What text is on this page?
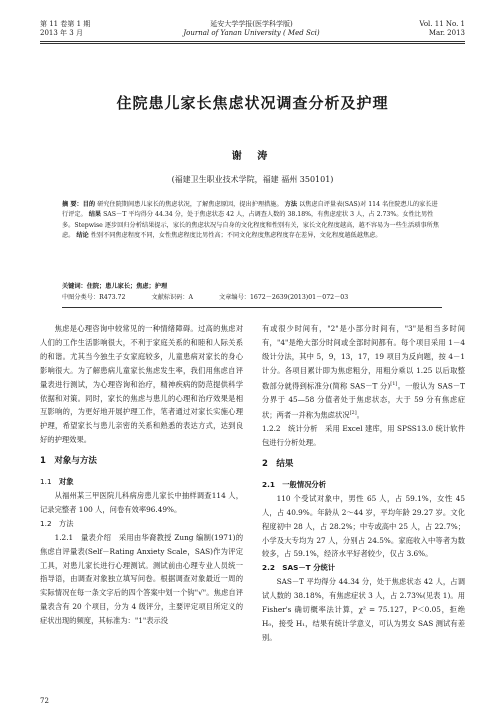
第 11 卷第 1 期
2013 年 3 月
延安大学学报(医学科学版)
Journal of Yanan University ( Med Sci)
Vol. 11 No. 1
Mar. 2013
住院患儿家长焦虑状况调查分析及护理
谢 涛
(福建卫生职业技术学院，福建 福州 350101)
摘 要：目的 研究住院期间患儿家长的焦虑状况，了解焦虑原因，提出护理措施。 方法 以焦虑自评量表(SAS)对 114 名住院患儿的家长进行评定。 结果 SAS－T 平均得分 44.34 分，处于焦虑状态 42 人，占调查人数的 38.18%，有焦虑症状 3 人，占 2.73%。女性比男性多。Stepwise 逐步回归分析结果提示，家长的焦虑状况与自身的文化程度和性别有关，家长文化程度越高，越不容易为一些生活琐事所焦虑。 结论 性别不同焦虑程度不同，女性焦虑程度比男性高；不同文化程度焦虑程度存在差异，文化程度越低越焦虑。
关键词：住院；患儿家长；焦虑；护理
中图分类号：R473.72	文献标识码：A	文章编号：1672－2639(2013)01－072－03

焦虑是心理咨询中较常见的一种情绪障碍。过高的焦虑对人们的工作生活影响很大，不利于家庭关系的和睦和人际关系的和谐。尤其当今独生子女家庭较多，儿童患病对家长的身心影响很大。为了解患病儿童家长焦虑发生率，我们用焦虑自评量表进行测试，为心理咨询和治疗，精神疾病的防范提供科学依据和对策。同时，家长的焦虑与患儿的心理和治疗效果是相互影响的，为更好地开展护理工作，笔者通过对家长实施心理护理，希望家长与患儿亲密的关系和熟悉的表达方式，达到良好的护理效果。

1　对象与方法

1.1　对象

从福州某三甲医院儿科病房患儿家长中抽样调查114 人，记录完整者 100 人，问卷有效率96.49%。

1.2　方法

1.2.1　量表介绍　 采用由华裔教授 Zung 编制(1971)的焦虑自评量表(Self－Rating Anxiety Scale，SAS)作为评定工具，对患儿家长进行心理测试。测试前由心理专业人员统一指导语，由调查对象独立填写问卷。根据调查对象最近一周的实际情况在每一条文字后的四个答案中划一个钩"√"。焦虑自评量表含有 20 个项目，分为 4 级评分，主要评定项目所定义的症状出现的频度，其标准为："1"表示没

有或很少时间有，"2"是小部分时间有，"3"是相当多时间有，"4"是绝大部分时间或全部时间都有。每个项目采用 1－4 级计分法，其中 5，9，13，17，19 项目为反向题，按 4－1 计分。各项目累计即为焦虑粗分，用粗分乘以 1.25 以后取整数部分就得到标准分(简称 SAS－T 分)[1]。一般认为 SAS－T 分界于 45—58 分值者处于焦虑状态，大于 59 分有焦虑症状；两者一并称为焦虑状况[2]。

1.2.2　统计分析　 采用 Excel 建库，用 SPSS13.0 统计软件包进行分析处理。

2　结果

2.1　一般情况分析

110 个受试对象中，男性 65 人，占 59.1%，女性 45 人，占 40.9%。年龄从 2～44 岁，平均年龄 29.27 岁。文化程度初中 28 人，占 28.2%；中专或高中 25 人，占 22.7%；小学及大专均为 27 人，分别占 24.5%。家庭收入中等者为数较多，占 59.1%，经济水平好者较少，仅占 3.6%。

2.2　SAS－T 分统计

SAS－T 平均得分 44.34 分，处于焦虑状态 42 人，占调试人数的 38.18%，有焦虑症状 3 人，占 2.73%(见表 1)。用 Fisher's 确切概率法计算，χ² = 75.127，P＜0.05，拒绝 H₀，接受 H₁，结果有统计学意义，可认为男女 SAS 测试有差别。

72
